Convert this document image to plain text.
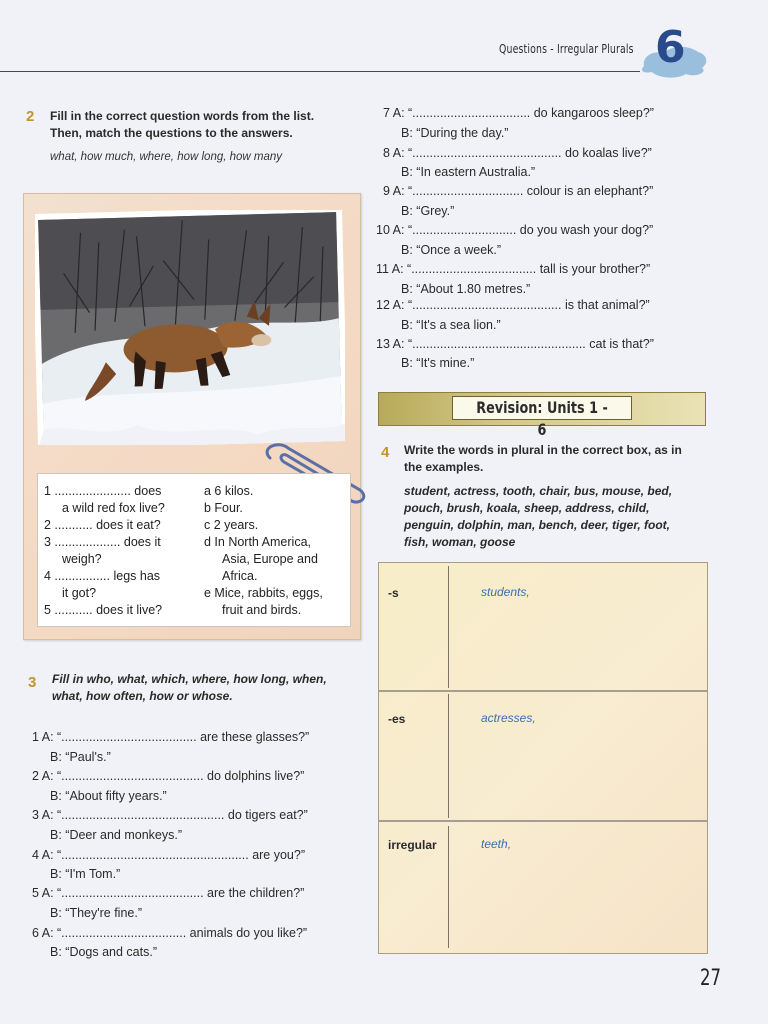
Questions - Irregular Plurals 6
2 Fill in the correct question words from the list.
Then, match the questions to the answers.
what, how much, where, how long, how many
1 ...................... does
a wild red fox live?
2 ........... does it eat?
3 ................... does it
weigh?
4 ................ legs has
it got?
5 ........... does it live?
a 6 kilos.
b Four.
c 2 years.
d In North America,
Asia, Europe and
Africa.
e Mice, rabbits, eggs,
fruit and birds.
3 Fill in who, what, which, where, how long, when,
what, how often, how or whose.
1 A: “....................................... are these glasses?”
B: “Paul's.”
2 A: “......................................... do dolphins live?”
B: “About fifty years.”
3 A: “............................................... do tigers eat?”
B: “Deer and monkeys.”
4 A: “...................................................... are you?”
B: “I'm Tom.”
5 A: “......................................... are the children?”
B: “They're fine.”
6 A: “.................................... animals do you like?”
B: “Dogs and cats.”
7 A: “.................................. do kangaroos sleep?”
B: “During the day.”
8 A: “........................................... do koalas live?”
B: “In eastern Australia.”
9 A: “................................ colour is an elephant?”
B: “Grey.”
10 A: “.............................. do you wash your dog?”
B: “Once a week.”
11 A: “.................................... tall is your brother?”
B: “About 1.80 metres.”
12 A: “........................................... is that animal?”
B: “It's a sea lion.”
13 A: “.................................................. cat is that?”
B: “It's mine.”
Revision: Units 1 - 6
4 Write the words in plural in the correct box, as in
the examples.
student, actress, tooth, chair, bus, mouse, bed,
pouch, brush, koala, sheep, address, child,
penguin, dolphin, man, bench, deer, tiger, foot,
fish, woman, goose
-s	students,
-es	actresses,
irregular	teeth,
27
